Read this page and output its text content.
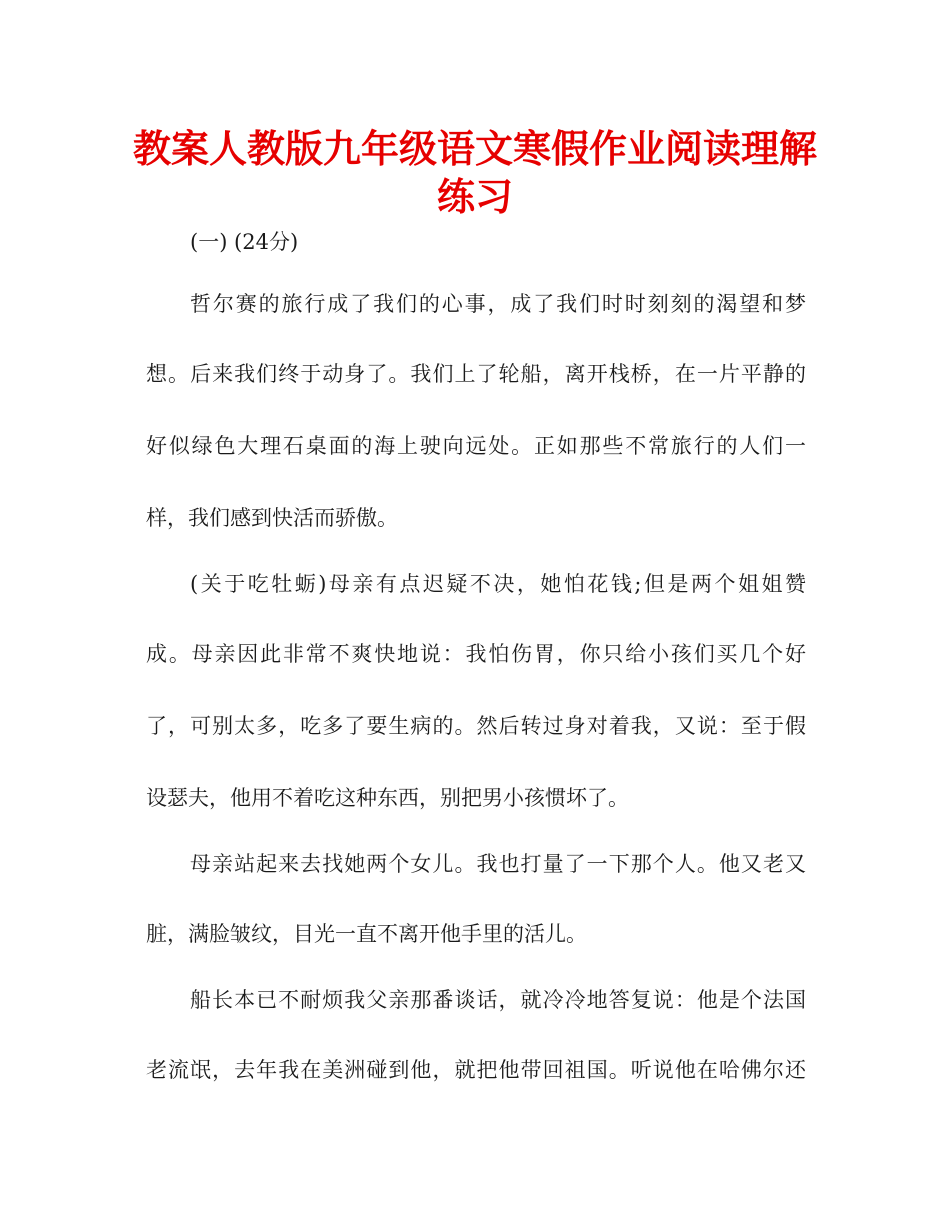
教案人教版九年级语文寒假作业阅读理解
练习

(一) (24分)

哲尔赛的旅行成了我们的心事，成了我们时时刻刻的渴望和梦

想。后来我们终于动身了。我们上了轮船，离开栈桥，在一片平静的

好似绿色大理石桌面的海上驶向远处。正如那些不常旅行的人们一

样，我们感到快活而骄傲。

(关于吃牡蛎)母亲有点迟疑不决，她怕花钱;但是两个姐姐赞

成。母亲因此非常不爽快地说：我怕伤胃，你只给小孩们买几个好

了，可别太多，吃多了要生病的。然后转过身对着我，又说：至于假

设瑟夫，他用不着吃这种东西，别把男小孩惯坏了。

母亲站起来去找她两个女儿。我也打量了一下那个人。他又老又

脏，满脸皱纹，目光一直不离开他手里的活儿。

船长本已不耐烦我父亲那番谈话，就冷冷地答复说：他是个法国

老流氓，去年我在美洲碰到他，就把他带回祖国。听说他在哈佛尔还
